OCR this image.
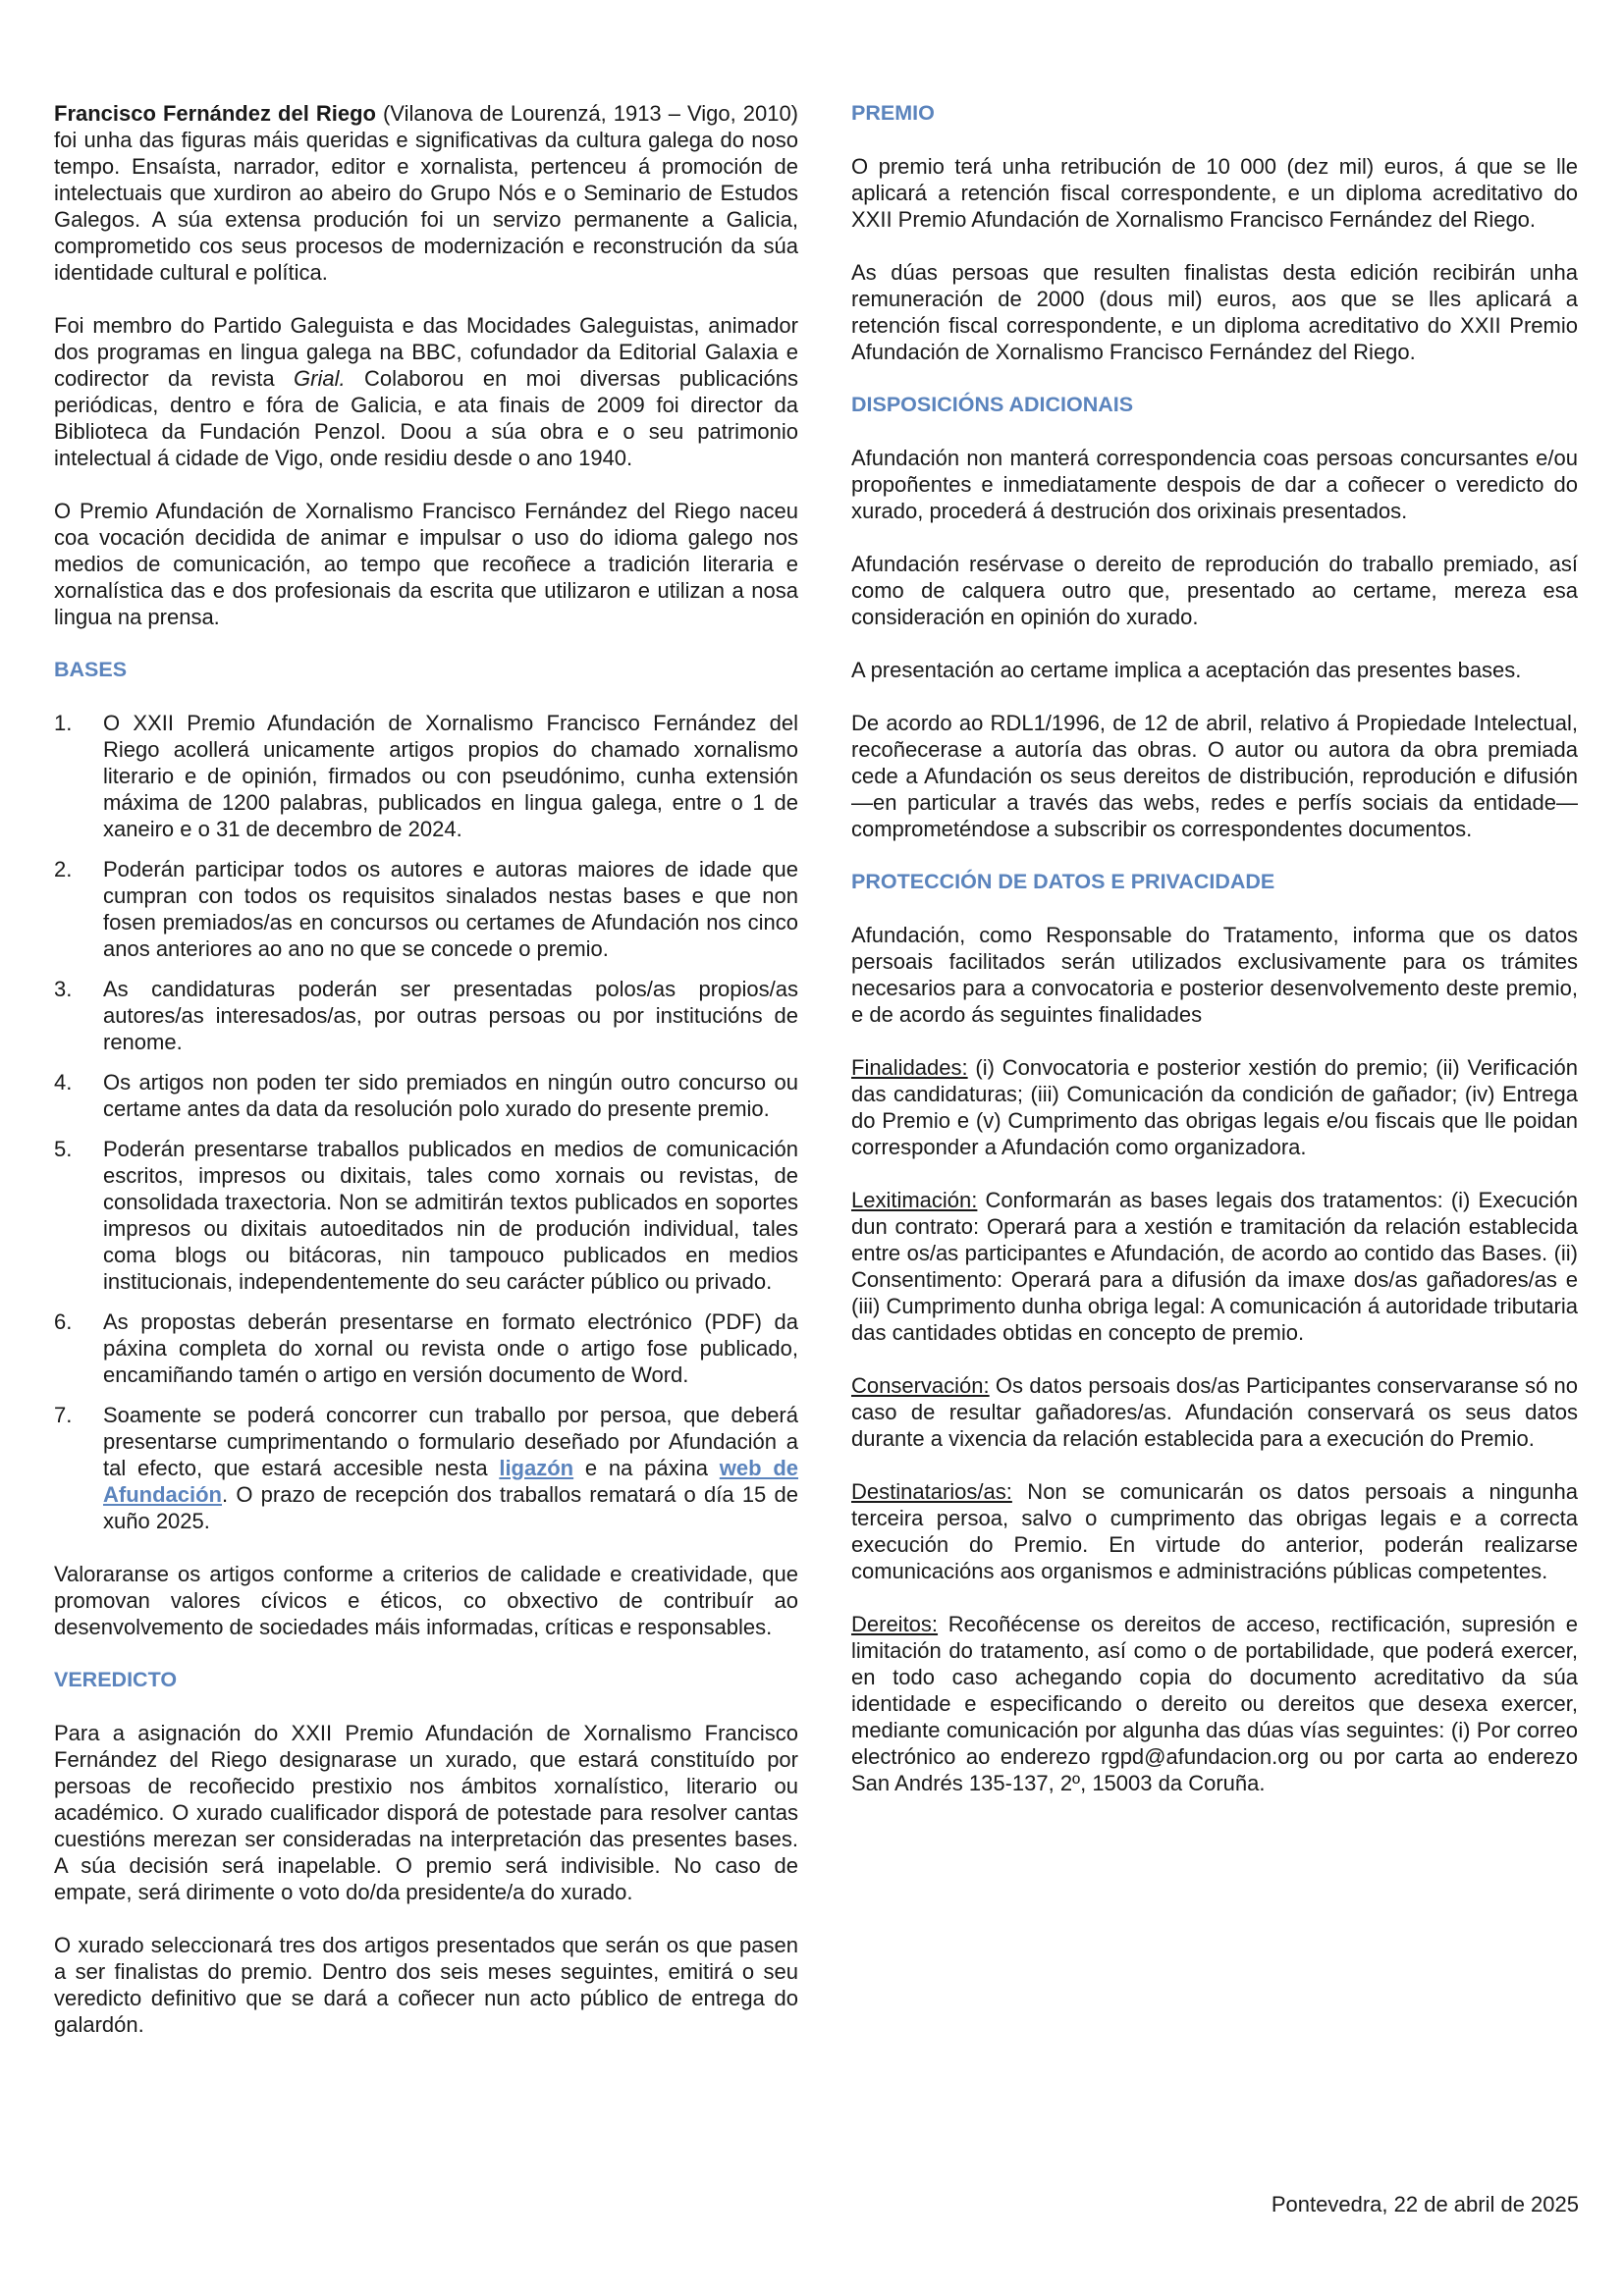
Francisco Fernández del Riego (Vilanova de Lourenzá, 1913 – Vigo, 2010) foi unha das figuras máis queridas e significativas da cultura galega do noso tempo. Ensaísta, narrador, editor e xornalista, pertenceu á promoción de intelectuais que xurdiron ao abeiro do Grupo Nós e o Seminario de Estudos Galegos. A súa extensa produción foi un servizo permanente a Galicia, comprometido cos seus procesos de modernización e reconstrución da súa identidade cultural e política.

Foi membro do Partido Galeguista e das Mocidades Galeguistas, animador dos programas en lingua galega na BBC, cofundador da Editorial Galaxia e codirector da revista Grial. Colaborou en moi diversas publicacións periódicas, dentro e fóra de Galicia, e ata finais de 2009 foi director da Biblioteca da Fundación Penzol. Doou a súa obra e o seu patrimonio intelectual á cidade de Vigo, onde residiu desde o ano 1940.

O Premio Afundación de Xornalismo Francisco Fernández del Riego naceu coa vocación decidida de animar e impulsar o uso do idioma galego nos medios de comunicación, ao tempo que recoñece a tradición literaria e xornalística das e dos profesionais da escrita que utilizaron e utilizan a nosa lingua na prensa.

BASES
1. O XXII Premio Afundación de Xornalismo Francisco Fernández del Riego acollerá unicamente artigos propios do chamado xornalismo literario e de opinión, firmados ou con pseudónimo, cunha extensión máxima de 1200 palabras, publicados en lingua galega, entre o 1 de xaneiro e o 31 de decembro de 2024.
2. Poderán participar todos os autores e autoras maiores de idade que cumpran con todos os requisitos sinalados nestas bases e que non fosen premiados/as en concursos ou certames de Afundación nos cinco anos anteriores ao ano no que se concede o premio.
3. As candidaturas poderán ser presentadas polos/as propios/as autores/as interesados/as, por outras persoas ou por institucións de renome.
4. Os artigos non poden ter sido premiados en ningún outro concurso ou certame antes da data da resolución polo xurado do presente premio.
5. Poderán presentarse traballos publicados en medios de comunicación escritos, impresos ou dixitais, tales como xornais ou revistas, de consolidada traxectoria. Non se admitirán textos publicados en soportes impresos ou dixitais autoeditados nin de produción individual, tales coma blogs ou bitácoras, nin tampouco publicados en medios institucionais, independentemente do seu carácter público ou privado.
6. As propostas deberán presentarse en formato electrónico (PDF) da páxina completa do xornal ou revista onde o artigo fose publicado, encamiñando tamén o artigo en versión documento de Word.
7. Soamente se poderá concorrer cun traballo por persoa, que deberá presentarse cumprimentando o formulario deseñado por Afundación a tal efecto, que estará accesible nesta ligazón e na páxina web de Afundación. O prazo de recepción dos traballos rematará o día 15 de xuño 2025.

Valoraranse os artigos conforme a criterios de calidade e creatividade, que promovan valores cívicos e éticos, co obxectivo de contribuír ao desenvolvemento de sociedades máis informadas, críticas e responsables.

VEREDICTO

Para a asignación do XXII Premio Afundación de Xornalismo Francisco Fernández del Riego designarase un xurado, que estará constituído por persoas de recoñecido prestixio nos ámbitos xornalístico, literario ou académico. O xurado cualificador disporá de potestade para resolver cantas cuestións merezan ser consideradas na interpretación das presentes bases. A súa decisión será inapelable. O premio será indivisible. No caso de empate, será dirimente o voto do/da presidente/a do xurado.

O xurado seleccionará tres dos artigos presentados que serán os que pasen a ser finalistas do premio. Dentro dos seis meses seguintes, emitirá o seu veredicto definitivo que se dará a coñecer nun acto público de entrega do galardón.

PREMIO

O premio terá unha retribución de 10 000 (dez mil) euros, á que se lle aplicará a retención fiscal correspondente, e un diploma acreditativo do XXII Premio Afundación de Xornalismo Francisco Fernández del Riego.

As dúas persoas que resulten finalistas desta edición recibirán unha remuneración de 2000 (dous mil) euros, aos que se lles aplicará a retención fiscal correspondente, e un diploma acreditativo do XXII Premio Afundación de Xornalismo Francisco Fernández del Riego.

DISPOSICIÓNS ADICIONAIS

Afundación non manterá correspondencia coas persoas concursantes e/ou propoñentes e inmediatamente despois de dar a coñecer o veredicto do xurado, procederá á destrución dos orixinais presentados.

Afundación resérvase o dereito de reprodución do traballo premiado, así como de calquera outro que, presentado ao certame, mereza esa consideración en opinión do xurado.

A presentación ao certame implica a aceptación das presentes bases.

De acordo ao RDL1/1996, de 12 de abril, relativo á Propiedade Intelectual, recoñecerase a autoría das obras. O autor ou autora da obra premiada cede a Afundación os seus dereitos de distribución, reprodución e difusión —en particular a través das webs, redes e perfís sociais da entidade— comprometéndose a subscribir os correspondentes documentos.

PROTECCIÓN DE DATOS E PRIVACIDADE

Afundación, como Responsable do Tratamento, informa que os datos persoais facilitados serán utilizados exclusivamente para os trámites necesarios para a convocatoria e posterior desenvolvemento deste premio, e de acordo ás seguintes finalidades

Finalidades: (i) Convocatoria e posterior xestión do premio; (ii) Verificación das candidaturas; (iii) Comunicación da condición de gañador; (iv) Entrega do Premio e (v) Cumprimento das obrigas legais e/ou fiscais que lle poidan corresponder a Afundación como organizadora.

Lexitimación: Conformarán as bases legais dos tratamentos: (i) Execución dun contrato: Operará para a xestión e tramitación da relación establecida entre os/as participantes e Afundación, de acordo ao contido das Bases. (ii) Consentimento: Operará para a difusión da imaxe dos/as gañadores/as e (iii) Cumprimento dunha obriga legal: A comunicación á autoridade tributaria das cantidades obtidas en concepto de premio.

Conservación: Os datos persoais dos/as Participantes conservaranse só no caso de resultar gañadores/as. Afundación conservará os seus datos durante a vixencia da relación establecida para a execución do Premio.

Destinatarios/as: Non se comunicarán os datos persoais a ningunha terceira persoa, salvo o cumprimento das obrigas legais e a correcta execución do Premio. En virtude do anterior, poderán realizarse comunicacións aos organismos e administracións públicas competentes.

Dereitos: Recoñécense os dereitos de acceso, rectificación, supresión e limitación do tratamento, así como o de portabilidade, que poderá exercer, en todo caso achegando copia do documento acreditativo da súa identidade e especificando o dereito ou dereitos que desexa exercer, mediante comunicación por algunha das dúas vías seguintes: (i) Por correo electrónico ao enderezo rgpd@afundacion.org ou por carta ao enderezo San Andrés 135-137, 2º, 15003 da Coruña.

Pontevedra, 22 de abril de 2025
